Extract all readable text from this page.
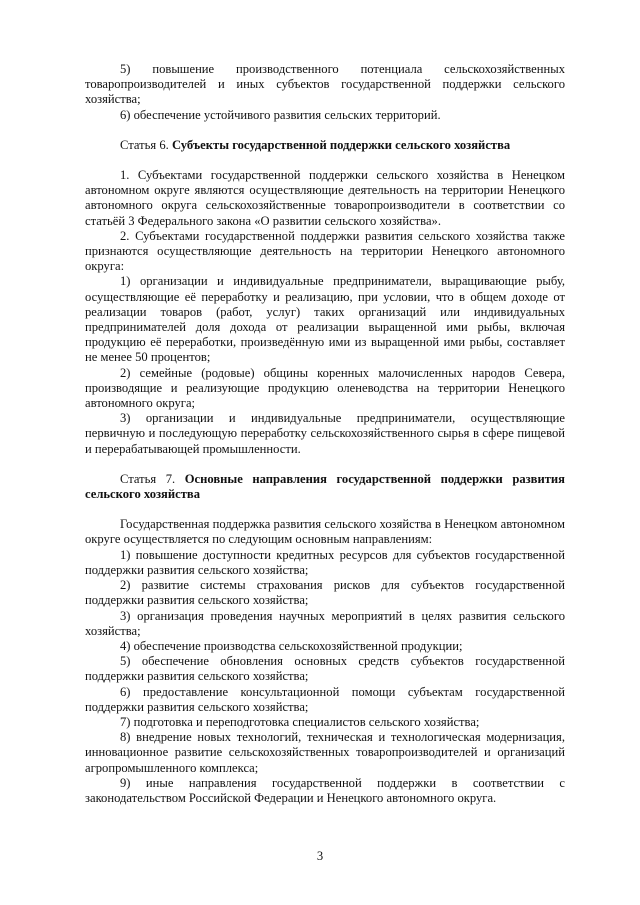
5) повышение производственного потенциала сельскохозяйственных товаропроизводителей и иных субъектов государственной поддержки сельского хозяйства;

6) обеспечение устойчивого развития сельских территорий.

Статья 6. Субъекты государственной поддержки сельского хозяйства

1. Субъектами государственной поддержки сельского хозяйства в Ненецком автономном округе являются осуществляющие деятельность на территории Ненецкого автономного округа сельскохозяйственные товаропроизводители в соответствии со статьёй 3 Федерального закона «О развитии сельского хозяйства».

2. Субъектами государственной поддержки развития сельского хозяйства также признаются осуществляющие деятельность на территории Ненецкого автономного округа:

1) организации и индивидуальные предприниматели, выращивающие рыбу, осуществляющие её переработку и реализацию, при условии, что в общем доходе от реализации товаров (работ, услуг) таких организаций или индивидуальных предпринимателей доля дохода от реализации выращенной ими рыбы, включая продукцию её переработки, произведённую ими из выращенной ими рыбы, составляет не менее 50 процентов;

2) семейные (родовые) общины коренных малочисленных народов Севера, производящие и реализующие продукцию оленеводства на территории Ненецкого автономного округа;

3) организации и индивидуальные предприниматели, осуществляющие первичную и последующую переработку сельскохозяйственного сырья в сфере пищевой и перерабатывающей промышленности.

Статья 7. Основные направления государственной поддержки развития сельского хозяйства

Государственная поддержка развития сельского хозяйства в Ненецком автономном округе осуществляется по следующим основным направлениям:

1) повышение доступности кредитных ресурсов для субъектов государственной поддержки развития сельского хозяйства;

2) развитие системы страхования рисков для субъектов государственной поддержки развития сельского хозяйства;

3) организация проведения научных мероприятий в целях развития сельского хозяйства;

4) обеспечение производства сельскохозяйственной продукции;

5) обеспечение обновления основных средств субъектов государственной поддержки развития сельского хозяйства;

6) предоставление консультационной помощи субъектам государственной поддержки развития сельского хозяйства;

7) подготовка и переподготовка специалистов сельского хозяйства;

8) внедрение новых технологий, техническая и технологическая модернизация, инновационное развитие сельскохозяйственных товаропроизводителей и организаций агропромышленного комплекса;

9) иные направления государственной поддержки в соответствии с законодательством Российской Федерации и Ненецкого автономного округа.

3
